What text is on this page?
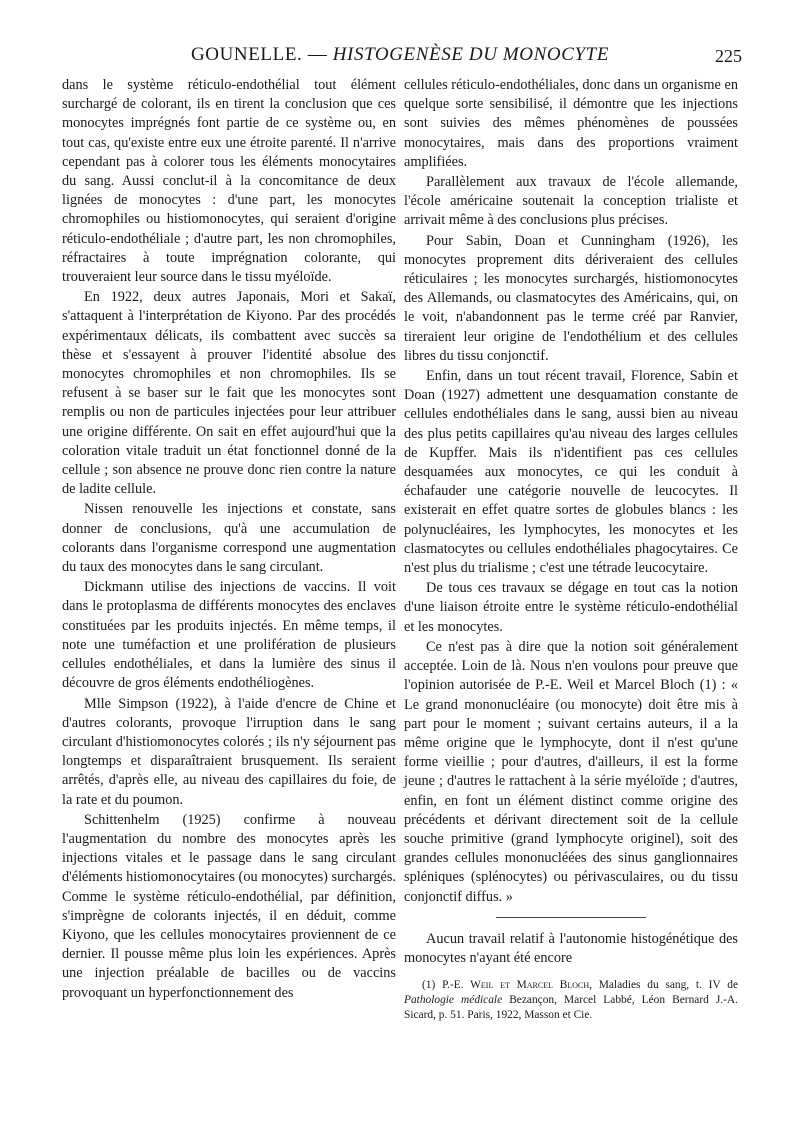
GOUNELLE. — HISTOGENÈSE DU MONOCYTE	225

dans le système réticulo-endothélial tout élément surchargé de colorant, ils en tirent la conclusion que ces monocytes imprégnés font partie de ce système ou, en tout cas, qu'existe entre eux une étroite parenté. Il n'arrive cependant pas à colorer tous les éléments monocytaires du sang. Aussi conclut-il à la concomitance de deux lignées de monocytes : d'une part, les monocytes chromophiles ou histiomonocytes, qui seraient d'origine réticulo-endothéliale ; d'autre part, les non chromophiles, réfractaires à toute imprégnation colorante, qui trouveraient leur source dans le tissu myéloïde.

En 1922, deux autres Japonais, Mori et Sakaï, s'attaquent à l'interprétation de Kiyono. Par des procédés expérimentaux délicats, ils combattent avec succès sa thèse et s'essayent à prouver l'identité absolue des monocytes chromophiles et non chromophiles. Ils se refusent à se baser sur le fait que les monocytes sont remplis ou non de particules injectées pour leur attribuer une origine différente. On sait en effet aujourd'hui que la coloration vitale traduit un état fonctionnel donné de la cellule ; son absence ne prouve donc rien contre la nature de ladite cellule.

Nissen renouvelle les injections et constate, sans donner de conclusions, qu'à une accumulation de colorants dans l'organisme correspond une augmentation du taux des monocytes dans le sang circulant.

Dickmann utilise des injections de vaccins. Il voit dans le protoplasma de différents monocytes des enclaves constituées par les produits injectés. En même temps, il note une tuméfaction et une prolifération de plusieurs cellules endothéliales, et dans la lumière des sinus il découvre de gros éléments endothéliogènes.

Mlle Simpson (1922), à l'aide d'encre de Chine et d'autres colorants, provoque l'irruption dans le sang circulant d'histiomonocytes colorés ; ils n'y séjournent pas longtemps et disparaîtraient brusquement. Ils seraient arrêtés, d'après elle, au niveau des capillaires du foie, de la rate et du poumon.

Schittenhelm (1925) confirme à nouveau l'augmentation du nombre des monocytes après les injections vitales et le passage dans le sang circulant d'éléments histiomonocytaires (ou monocytes) surchargés. Comme le système réticulo-endothélial, par définition, s'imprègne de colorants injectés, il en déduit, comme Kiyono, que les cellules monocytaires proviennent de ce dernier. Il pousse même plus loin les expériences. Après une injection préalable de bacilles ou de vaccins provoquant un hyperfonctionnement des

cellules réticulo-endothéliales, donc dans un organisme en quelque sorte sensibilisé, il démontre que les injections sont suivies des mêmes phénomènes de poussées monocytaires, mais dans des proportions vraiment amplifiées.

Parallèlement aux travaux de l'école allemande, l'école américaine soutenait la conception trialiste et arrivait même à des conclusions plus précises.

Pour Sabin, Doan et Cunningham (1926), les monocytes proprement dits dériveraient des cellules réticulaires ; les monocytes surchargés, histiomonocytes des Allemands, ou clasmatocytes des Américains, qui, on le voit, n'abandonnent pas le terme créé par Ranvier, tireraient leur origine de l'endothélium et des cellules libres du tissu conjonctif.

Enfin, dans un tout récent travail, Florence, Sabin et Doan (1927) admettent une desquamation constante de cellules endothéliales dans le sang, aussi bien au niveau des plus petits capillaires qu'au niveau des larges cellules de Kupffer. Mais ils n'identifient pas ces cellules desquamées aux monocytes, ce qui les conduit à échafauder une catégorie nouvelle de leucocytes. Il existerait en effet quatre sortes de globules blancs : les polynucléaires, les lymphocytes, les monocytes et les clasmatocytes ou cellules endothéliales phagocytaires. Ce n'est plus du trialisme ; c'est une tétrade leucocytaire.

De tous ces travaux se dégage en tout cas la notion d'une liaison étroite entre le système réticulo-endothélial et les monocytes.

Ce n'est pas à dire que la notion soit généralement acceptée. Loin de là. Nous n'en voulons pour preuve que l'opinion autorisée de P.-E. Weil et Marcel Bloch (1) : « Le grand mononucléaire (ou monocyte) doit être mis à part pour le moment ; suivant certains auteurs, il a la même origine que le lymphocyte, dont il n'est qu'une forme vieillie ; pour d'autres, d'ailleurs, il est la forme jeune ; d'autres le rattachent à la série myéloïde ; d'autres, enfin, en font un élément distinct comme origine des précédents et dérivant directement soit de la cellule souche primitive (grand lymphocyte originel), soit des grandes cellules mononucléées des sinus ganglionnaires spléniques (splénocytes) ou périvasculaires, ou du tissu conjonctif diffus. »

Aucun travail relatif à l'autonomie histogénétique des monocytes n'ayant été encore

(1) P.-E. Weil et Marcel Bloch, Maladies du sang, t. IV de Pathologie médicale Bezançon, Marcel Labbé, Léon Bernard J.-A. Sicard, p. 51. Paris, 1922, Masson et Cie.
